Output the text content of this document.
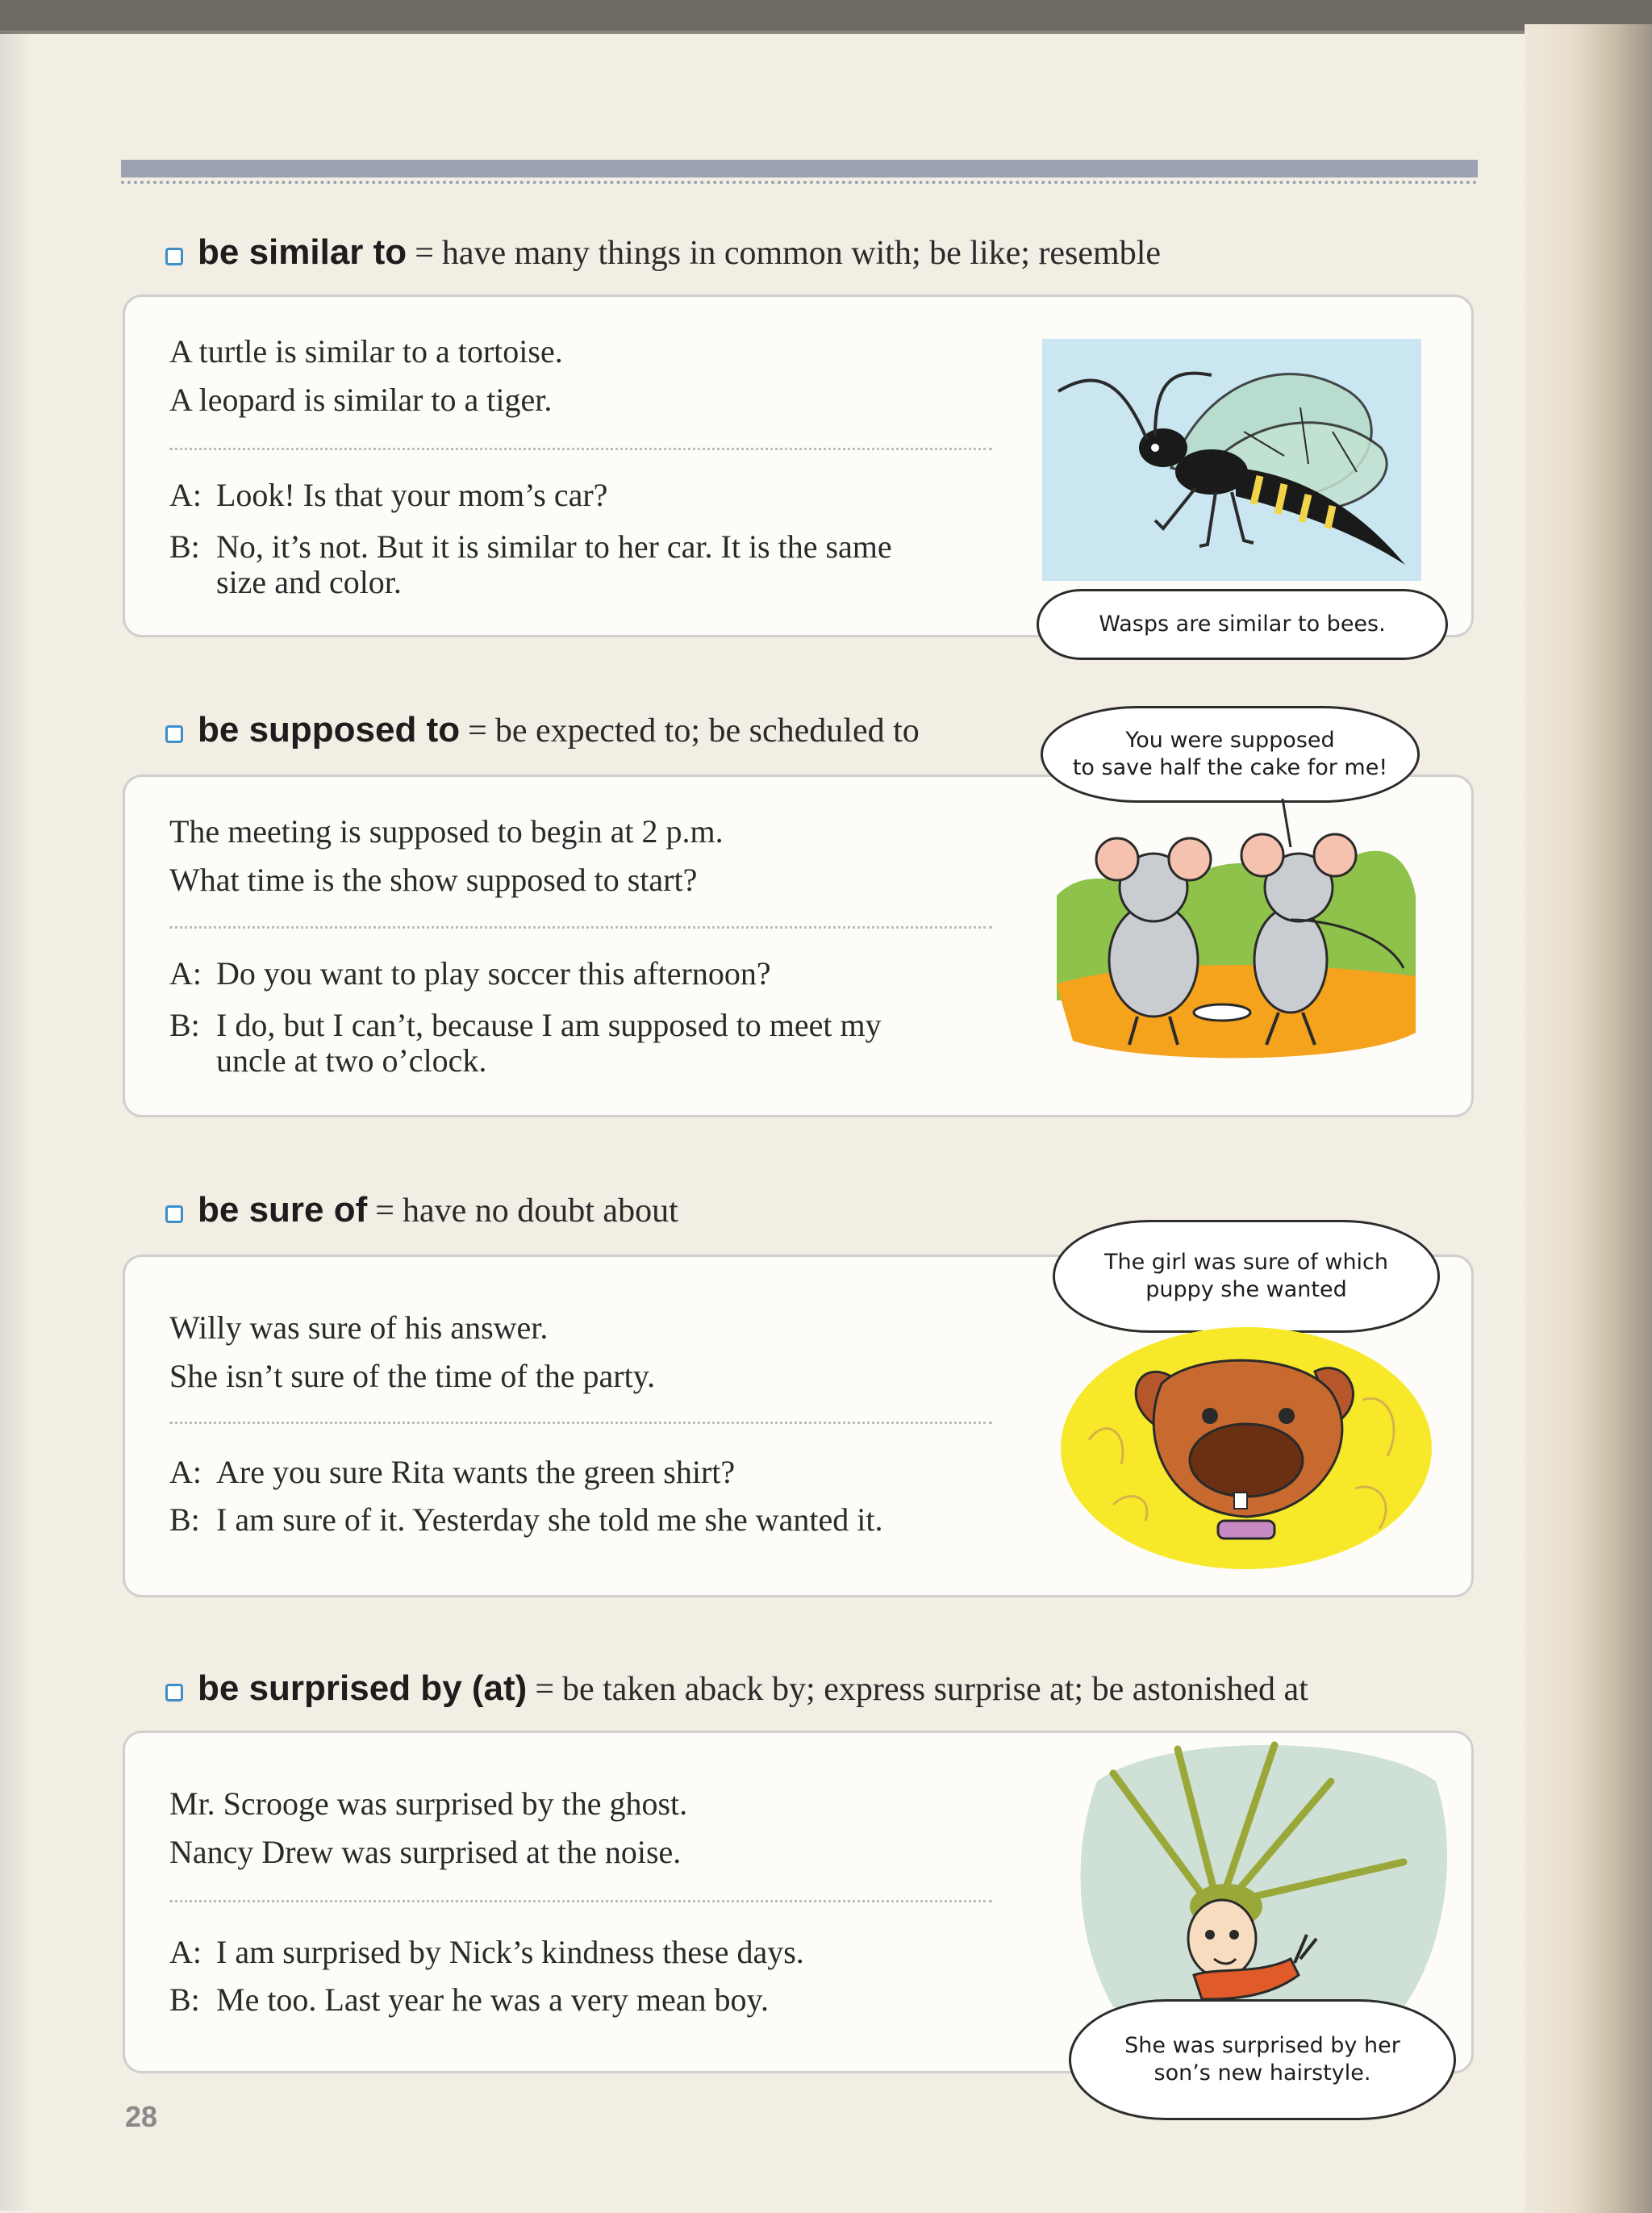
be similar to = have many things in common with; be like; resemble
A turtle is similar to a tortoise.
A leopard is similar to a tiger.
A: Look! Is that your mom’s car?
B: No, it’s not. But it is similar to her car. It is the same
size and color.
Wasps are similar to bees.
be supposed to = be expected to; be scheduled to
The meeting is supposed to begin at 2 p.m.
What time is the show supposed to start?
A: Do you want to play soccer this afternoon?
B: I do, but I can’t, because I am supposed to meet my
uncle at two o’clock.
You were supposed
to save half the cake for me!
be sure of = have no doubt about
Willy was sure of his answer.
She isn’t sure of the time of the party.
A: Are you sure Rita wants the green shirt?
B: I am sure of it. Yesterday she told me she wanted it.
The girl was sure of which
puppy she wanted
be surprised by (at) = be taken aback by; express surprise at; be astonished at
Mr. Scrooge was surprised by the ghost.
Nancy Drew was surprised at the noise.
A: I am surprised by Nick’s kindness these days.
B: Me too. Last year he was a very mean boy.
She was surprised by her
son’s new hairstyle.
28
